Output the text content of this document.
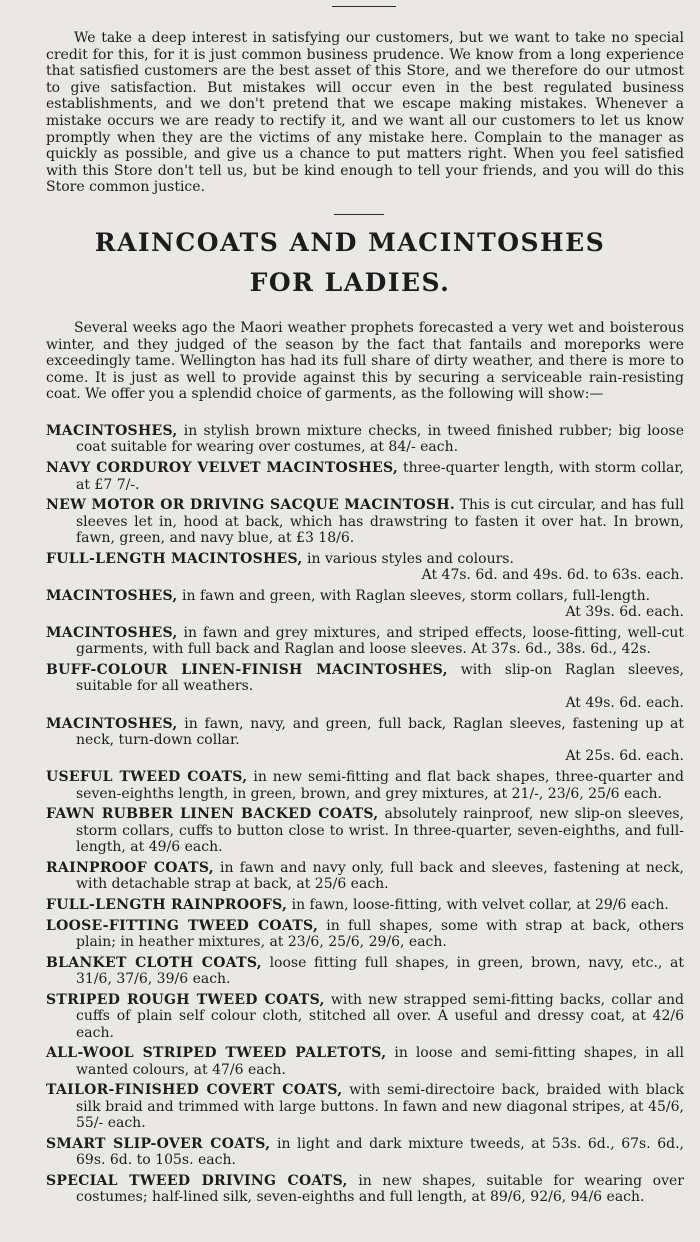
We take a deep interest in satisfying our customers, but we want to take no special credit for this, for it is just common business prudence. We know from a long experience that satisfied customers are the best asset of this Store, and we therefore do our utmost to give satisfaction. But mistakes will occur even in the best regulated business establishments, and we don't pretend that we escape making mistakes. Whenever a mistake occurs we are ready to rectify it, and we want all our customers to let us know promptly when they are the victims of any mistake here. Complain to the manager as quickly as possible, and give us a chance to put matters right. When you feel satisfied with this Store don't tell us, but be kind enough to tell your friends, and you will do this Store common justice.

RAINCOATS AND MACINTOSHES
FOR LADIES.

Several weeks ago the Maori weather prophets forecasted a very wet and boisterous winter, and they judged of the season by the fact that fantails and moreporks were exceedingly tame. Wellington has had its full share of dirty weather, and there is more to come. It is just as well to provide against this by securing a serviceable rain-resisting coat. We offer you a splendid choice of garments, as the following will show:—

MACINTOSHES, in stylish brown mixture checks, in tweed finished rubber; big loose coat suitable for wearing over costumes, at 84/- each.

NAVY CORDUROY VELVET MACINTOSHES, three-quarter length, with storm collar, at £7 7/-.

NEW MOTOR OR DRIVING SACQUE MACINTOSH. This is cut circular, and has full sleeves let in, hood at back, which has drawstring to fasten it over hat. In brown, fawn, green, and navy blue, at £3 18/6.

FULL-LENGTH MACINTOSHES, in various styles and colours.
At 47s. 6d. and 49s. 6d. to 63s. each.

MACINTOSHES, in fawn and green, with Raglan sleeves, storm collars, full-length.
At 39s. 6d. each.

MACINTOSHES, in fawn and grey mixtures, and striped effects, loose-fitting, well-cut garments, with full back and Raglan and loose sleeves. At 37s. 6d., 38s. 6d., 42s.

BUFF-COLOUR LINEN-FINISH MACINTOSHES, with slip-on Raglan sleeves, suitable for all weathers.
At 49s. 6d. each.

MACINTOSHES, in fawn, navy, and green, full back, Raglan sleeves, fastening up at neck, turn-down collar.
At 25s. 6d. each.

USEFUL TWEED COATS, in new semi-fitting and flat back shapes, three-quarter and seven-eighths length, in green, brown, and grey mixtures, at 21/-, 23/6, 25/6 each.

FAWN RUBBER LINEN BACKED COATS, absolutely rainproof, new slip-on sleeves, storm collars, cuffs to button close to wrist. In three-quarter, seven-eighths, and full-length, at 49/6 each.

RAINPROOF COATS, in fawn and navy only, full back and sleeves, fastening at neck, with detachable strap at back, at 25/6 each.

FULL-LENGTH RAINPROOFS, in fawn, loose-fitting, with velvet collar, at 29/6 each.

LOOSE-FITTING TWEED COATS, in full shapes, some with strap at back, others plain; in heather mixtures, at 23/6, 25/6, 29/6, each.

BLANKET CLOTH COATS, loose fitting full shapes, in green, brown, navy, etc., at 31/6, 37/6, 39/6 each.

STRIPED ROUGH TWEED COATS, with new strapped semi-fitting backs, collar and cuffs of plain self colour cloth, stitched all over. A useful and dressy coat, at 42/6 each.

ALL-WOOL STRIPED TWEED PALETOTS, in loose and semi-fitting shapes, in all wanted colours, at 47/6 each.

TAILOR-FINISHED COVERT COATS, with semi-directoire back, braided with black silk braid and trimmed with large buttons. In fawn and new diagonal stripes, at 45/6, 55/- each.

SMART SLIP-OVER COATS, in light and dark mixture tweeds, at 53s. 6d., 67s. 6d., 69s. 6d. to 105s. each.

SPECIAL TWEED DRIVING COATS, in new shapes, suitable for wearing over costumes; half-lined silk, seven-eighths and full length, at 89/6, 92/6, 94/6 each.
